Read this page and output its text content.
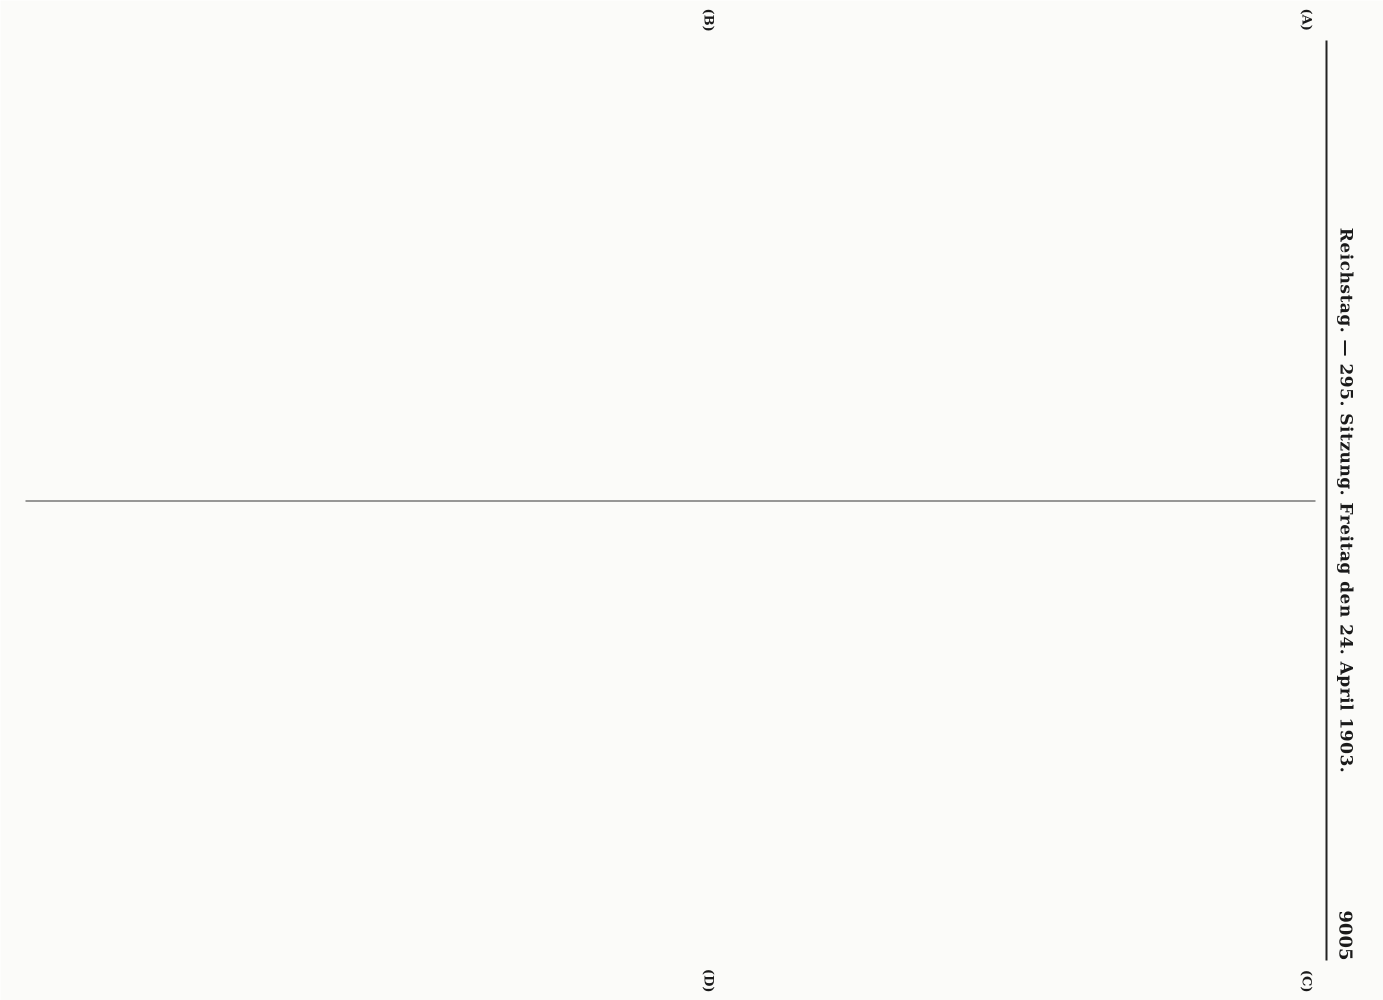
Reichstag. — 295. Sitzung. Freitag den 24. April 1903.
9005
(A)
(B)
(C)
(D)
